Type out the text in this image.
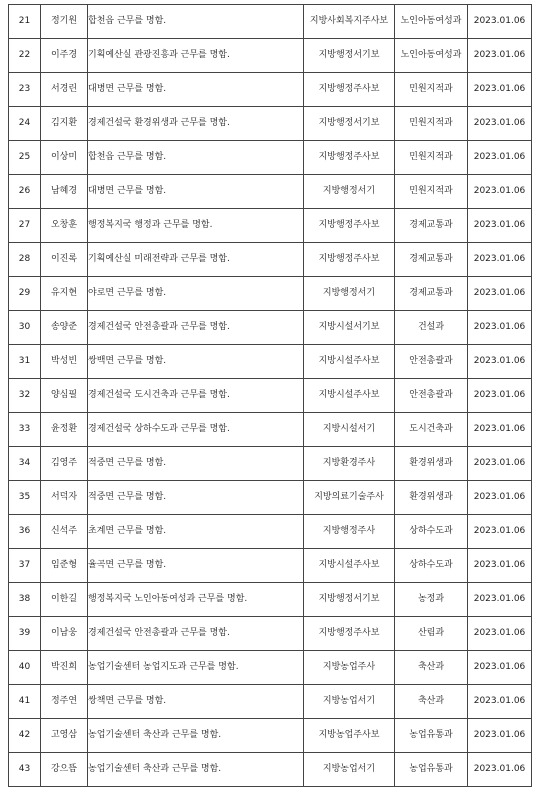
21	정기원	합천읍 근무를 명함.	지방사회복지주사보	노인아동여성과	2023.01.06
22	이주경	기획예산실 관광진흥과 근무를 명함.	지방행정서기보	노인아동여성과	2023.01.06
23	서경린	대병면 근무를 명함.	지방행정주사보	민원지적과	2023.01.06
24	김지환	경제건설국 환경위생과 근무를 명함.	지방행정서기보	민원지적과	2023.01.06
25	이상미	합천읍 근무를 명함.	지방행정주사보	민원지적과	2023.01.06
26	남혜경	대병면 근무를 명함.	지방행정서기	민원지적과	2023.01.06
27	오창훈	행정복지국 행정과 근무를 명함.	지방행정주사보	경제교통과	2023.01.06
28	이진록	기획예산실 미래전략과 근무를 명함.	지방행정주사보	경제교통과	2023.01.06
29	유지현	야로면 근무를 명함.	지방행정서기	경제교통과	2023.01.06
30	송양준	경제건설국 안전총괄과 근무를 명함.	지방시설서기보	건설과	2023.01.06
31	박성빈	쌍백면 근무를 명함.	지방시설주사보	안전총괄과	2023.01.06
32	양심필	경제건설국 도시건축과 근무를 명함.	지방시설주사보	안전총괄과	2023.01.06
33	윤정환	경제건설국 상하수도과 근무를 명함.	지방시설서기	도시건축과	2023.01.06
34	김영주	적중면 근무를 명함.	지방환경주사	환경위생과	2023.01.06
35	서덕자	적중면 근무를 명함.	지방의료기술주사	환경위생과	2023.01.06
36	신석주	초계면 근무를 명함.	지방행정주사	상하수도과	2023.01.06
37	임준형	율곡면 근무를 명함.	지방시설주사보	상하수도과	2023.01.06
38	이한길	행정복지국 노인아동여성과 근무를 명함.	지방행정서기보	농정과	2023.01.06
39	이남웅	경제건설국 안전총괄과 근무를 명함.	지방행정주사보	산림과	2023.01.06
40	박진희	농업기술센터 농업지도과 근무를 명함.	지방농업주사	축산과	2023.01.06
41	정주연	쌍책면 근무를 명함.	지방농업서기	축산과	2023.01.06
42	고영삼	농업기술센터 축산과 근무를 명함.	지방농업주사보	농업유통과	2023.01.06
43	강으뜸	농업기술센터 축산과 근무를 명함.	지방농업서기	농업유통과	2023.01.06
